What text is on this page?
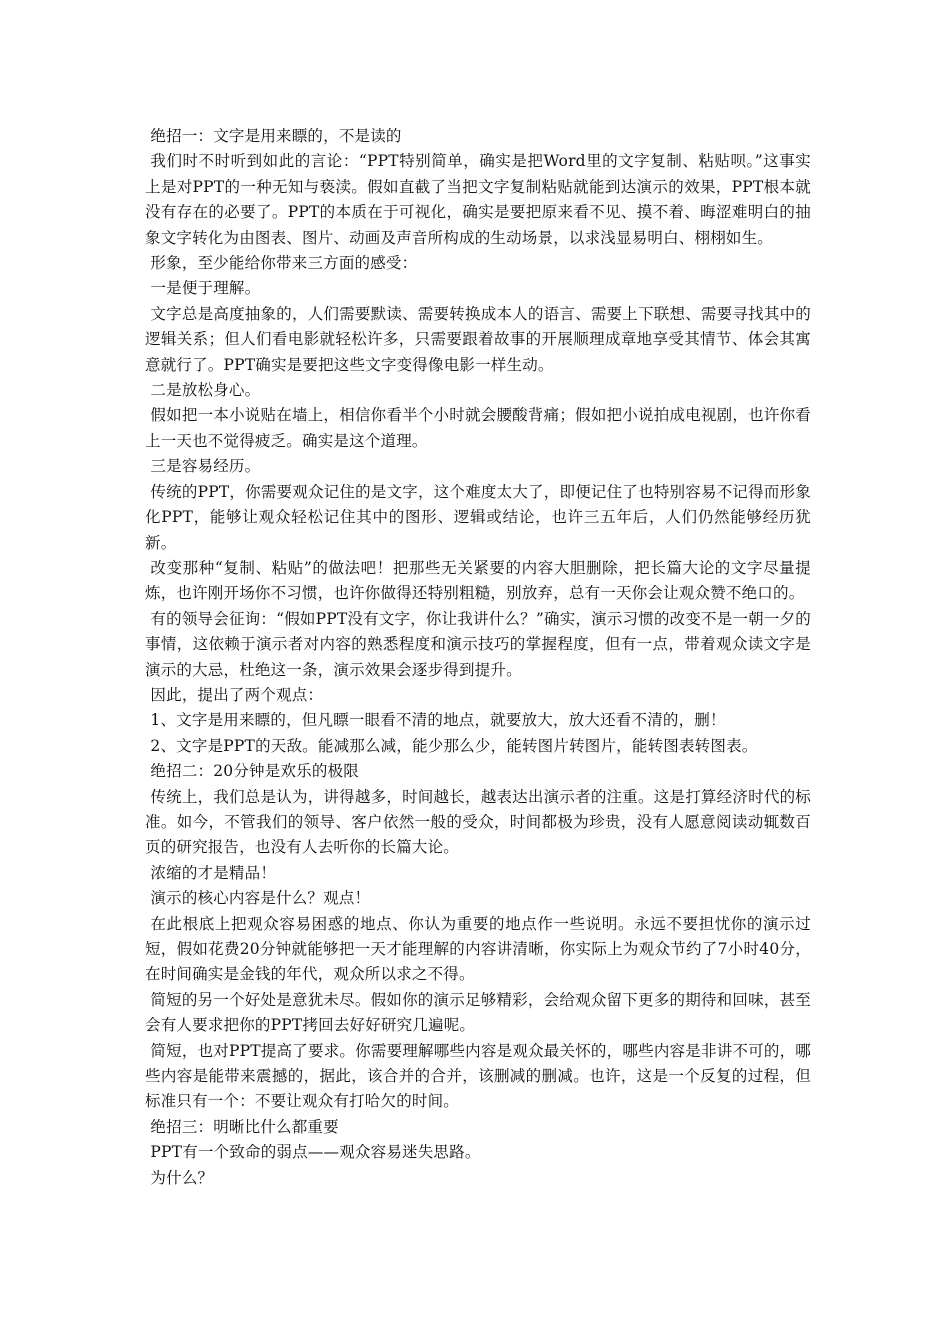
绝招一：文字是用来瞟的，不是读的

我们时不时听到如此的言论：“PPT特别简单，确实是把Word里的文字复制、粘贴呗。”这事实上是对PPT的一种无知与亵渎。假如直截了当把文字复制粘贴就能到达演示的效果，PPT根本就没有存在的必要了。PPT的本质在于可视化，确实是要把原来看不见、摸不着、晦涩难明白的抽象文字转化为由图表、图片、动画及声音所构成的生动场景，以求浅显易明白、栩栩如生。

形象，至少能给你带来三方面的感受：

一是便于理解。

文字总是高度抽象的，人们需要默读、需要转换成本人的语言、需要上下联想、需要寻找其中的逻辑关系；但人们看电影就轻松许多，只需要跟着故事的开展顺理成章地享受其情节、体会其寓意就行了。PPT确实是要把这些文字变得像电影一样生动。

二是放松身心。

假如把一本小说贴在墙上，相信你看半个小时就会腰酸背痛；假如把小说拍成电视剧，也许你看上一天也不觉得疲乏。确实是这个道理。

三是容易经历。

传统的PPT，你需要观众记住的是文字，这个难度太大了，即便记住了也特别容易不记得而形象化PPT，能够让观众轻松记住其中的图形、逻辑或结论，也许三五年后，人们仍然能够经历犹新。

改变那种“复制、粘贴”的做法吧！把那些无关紧要的内容大胆删除，把长篇大论的文字尽量提炼，也许刚开场你不习惯，也许你做得还特别粗糙，别放弃，总有一天你会让观众赞不绝口的。

有的领导会征询：“假如PPT没有文字，你让我讲什么？”确实，演示习惯的改变不是一朝一夕的事情，这依赖于演示者对内容的熟悉程度和演示技巧的掌握程度，但有一点，带着观众读文字是演示的大忌，杜绝这一条，演示效果会逐步得到提升。

因此，提出了两个观点：

1、文字是用来瞟的，但凡瞟一眼看不清的地点，就要放大，放大还看不清的，删！

2、文字是PPT的天敌。能减那么减，能少那么少，能转图片转图片，能转图表转图表。

绝招二：20分钟是欢乐的极限

传统上，我们总是认为，讲得越多，时间越长，越表达出演示者的注重。这是打算经济时代的标准。如今，不管我们的领导、客户依然一般的受众，时间都极为珍贵，没有人愿意阅读动辄数百页的研究报告，也没有人去听你的长篇大论。

浓缩的才是精品！

演示的核心内容是什么？观点！

在此根底上把观众容易困惑的地点、你认为重要的地点作一些说明。永远不要担忧你的演示过短，假如花费20分钟就能够把一天才能理解的内容讲清晰，你实际上为观众节约了7小时40分，在时间确实是金钱的年代，观众所以求之不得。

简短的另一个好处是意犹未尽。假如你的演示足够精彩，会给观众留下更多的期待和回味，甚至会有人要求把你的PPT拷回去好好研究几遍呢。

简短，也对PPT提高了要求。你需要理解哪些内容是观众最关怀的，哪些内容是非讲不可的，哪些内容是能带来震撼的，据此，该合并的合并，该删减的删减。也许，这是一个反复的过程，但标准只有一个：不要让观众有打哈欠的时间。

绝招三：明晰比什么都重要

PPT有一个致命的弱点——观众容易迷失思路。

为什么？
